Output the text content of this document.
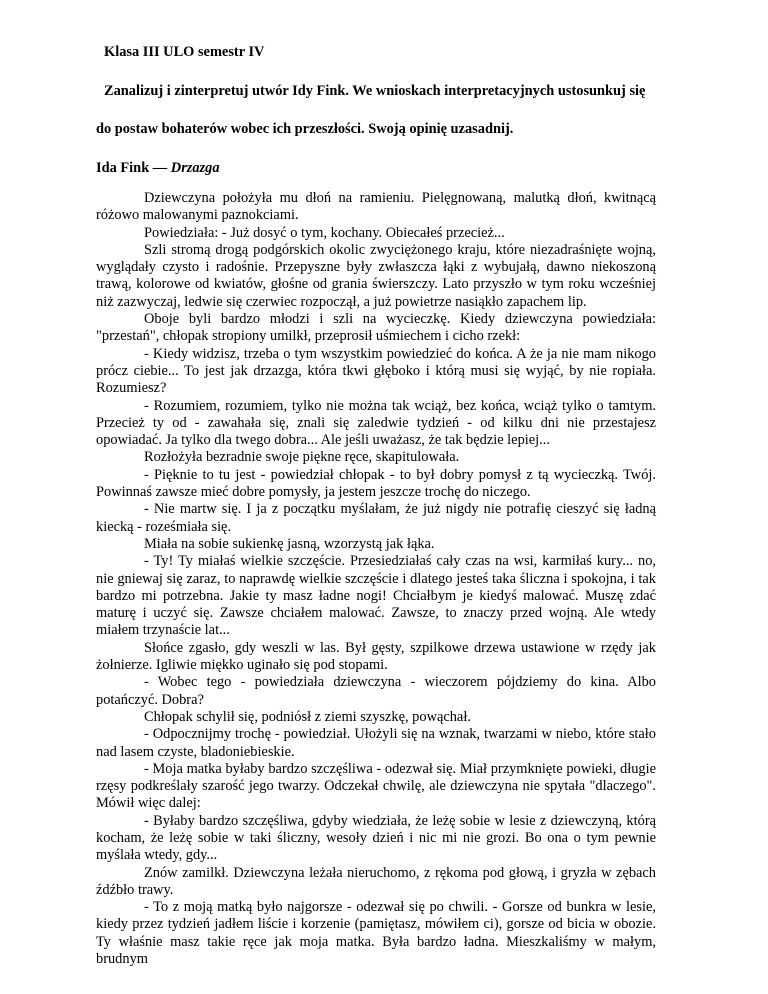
Klasa III ULO semestr IV

Zanalizuj i zinterpretuj utwór Idy Fink. We wnioskach interpretacyjnych ustosunkuj się

do postaw bohaterów wobec ich przeszłości. Swoją opinię uzasadnij.

Ida Fink — Drzazga

Dziewczyna położyła mu dłoń na ramieniu. Pielęgnowaną, malutką dłoń, kwitnącą różowo malowanymi paznokciami.

Powiedziała: - Już dosyć o tym, kochany. Obiecałeś przecież...

Szli stromą drogą podgórskich okolic zwyciężonego kraju, które niezadraśnięte wojną, wyglądały czysto i radośnie. Przepyszne były zwłaszcza łąki z wybujałą, dawno niekoszoną trawą, kolorowe od kwiatów, głośne od grania świerszczy. Lato przyszło w tym roku wcześniej niż zazwyczaj, ledwie się czerwiec rozpoczął, a już powietrze nasiąkło zapachem lip.

Oboje byli bardzo młodzi i szli na wycieczkę. Kiedy dziewczyna powiedziała: "przestań", chłopak stropiony umilkł, przeprosił uśmiechem i cicho rzekł:

- Kiedy widzisz, trzeba o tym wszystkim powiedzieć do końca. A że ja nie mam nikogo prócz ciebie... To jest jak drzazga, która tkwi głęboko i którą musi się wyjąć, by nie ropiała. Rozumiesz?

- Rozumiem, rozumiem, tylko nie można tak wciąż, bez końca, wciąż tylko o tamtym. Przecież ty od - zawahała się, znali się zaledwie tydzień - od kilku dni nie przestajesz opowiadać. Ja tylko dla twego dobra... Ale jeśli uważasz, że tak będzie lepiej...

Rozłożyła bezradnie swoje piękne ręce, skapitulowała.

- Pięknie to tu jest - powiedział chłopak - to był dobry pomysł z tą wycieczką. Twój. Powinnaś zawsze mieć dobre pomysły, ja jestem jeszcze trochę do niczego.

- Nie martw się. I ja z początku myślałam, że już nigdy nie potrafię cieszyć się ładną kiecką - roześmiała się.

Miała na sobie sukienkę jasną, wzorzystą jak łąka.

- Ty! Ty miałaś wielkie szczęście. Przesiedziałaś cały czas na wsi, karmiłaś kury... no, nie gniewaj się zaraz, to naprawdę wielkie szczęście i dlatego jesteś taka śliczna i spokojna, i tak bardzo mi potrzebna. Jakie ty masz ładne nogi! Chciałbym je kiedyś malować. Muszę zdać maturę i uczyć się. Zawsze chciałem malować. Zawsze, to znaczy przed wojną. Ale wtedy miałem trzynaście lat...

Słońce zgasło, gdy weszli w las. Był gęsty, szpilkowe drzewa ustawione w rzędy jak żołnierze. Igliwie miękko uginało się pod stopami.

- Wobec tego - powiedziała dziewczyna - wieczorem pójdziemy do kina. Albo potańczyć. Dobra?

Chłopak schylił się, podniósł z ziemi szyszkę, powąchał.

- Odpocznijmy trochę - powiedział. Ułożyli się na wznak, twarzami w niebo, które stało nad lasem czyste, bladoniebieskie.

- Moja matka byłaby bardzo szczęśliwa - odezwał się. Miał przymknięte powieki, długie rzęsy podkreślały szarość jego twarzy. Odczekał chwilę, ale dziewczyna nie spytała "dlaczego". Mówił więc dalej:

- Byłaby bardzo szczęśliwa, gdyby wiedziała, że leżę sobie w lesie z dziewczyną, którą kocham, że leżę sobie w taki śliczny, wesoły dzień i nic mi nie grozi. Bo ona o tym pewnie myślała wtedy, gdy...

Znów zamilkł. Dziewczyna leżała nieruchomo, z rękoma pod głową, i gryzła w zębach źdźbło trawy.

- To z moją matką było najgorsze - odezwał się po chwili. - Gorsze od bunkra w lesie, kiedy przez tydzień jadłem liście i korzenie (pamiętasz, mówiłem ci), gorsze od bicia w obozie. Ty właśnie masz takie ręce jak moja matka. Była bardzo ładna. Mieszkaliśmy w małym, brudnym
